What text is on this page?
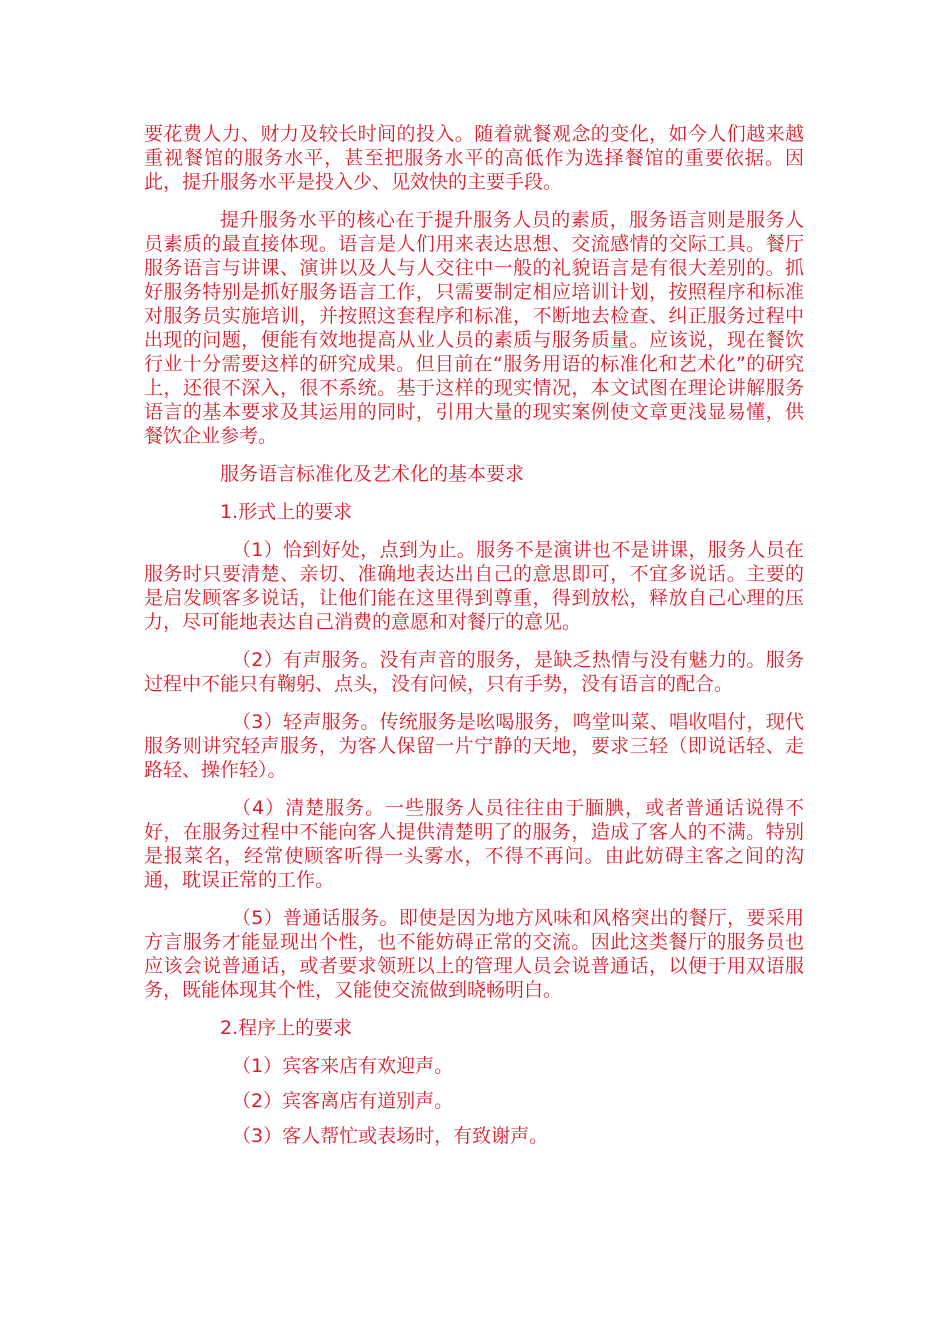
要花费人力、财力及较长时间的投入。随着就餐观念的变化，如今人们越来越重视餐馆的服务水平，甚至把服务水平的高低作为选择餐馆的重要依据。因此，提升服务水平是投入少、见效快的主要手段。

提升服务水平的核心在于提升服务人员的素质，服务语言则是服务人员素质的最直接体现。语言是人们用来表达思想、交流感情的交际工具。餐厅服务语言与讲课、演讲以及人与人交往中一般的礼貌语言是有很大差别的。抓好服务特别是抓好服务语言工作，只需要制定相应培训计划，按照程序和标准对服务员实施培训，并按照这套程序和标准，不断地去检查、纠正服务过程中出现的问题，便能有效地提高从业人员的素质与服务质量。应该说，现在餐饮行业十分需要这样的研究成果。但目前在“服务用语的标准化和艺术化”的研究上，还很不深入，很不系统。基于这样的现实情况，本文试图在理论讲解服务语言的基本要求及其运用的同时，引用大量的现实案例使文章更浅显易懂，供餐饮企业参考。

服务语言标准化及艺术化的基本要求

1.形式上的要求

（1）恰到好处，点到为止。服务不是演讲也不是讲课，服务人员在服务时只要清楚、亲切、准确地表达出自己的意思即可，不宜多说话。主要的是启发顾客多说话，让他们能在这里得到尊重，得到放松，释放自己心理的压力，尽可能地表达自己消费的意愿和对餐厅的意见。

（2）有声服务。没有声音的服务，是缺乏热情与没有魅力的。服务过程中不能只有鞠躬、点头，没有问候，只有手势，没有语言的配合。

（3）轻声服务。传统服务是吆喝服务，鸣堂叫菜、唱收唱付，现代服务则讲究轻声服务，为客人保留一片宁静的天地，要求三轻（即说话轻、走路轻、操作轻）。

（4）清楚服务。一些服务人员往往由于腼腆，或者普通话说得不好，在服务过程中不能向客人提供清楚明了的服务，造成了客人的不满。特别是报菜名，经常使顾客听得一头雾水，不得不再问。由此妨碍主客之间的沟通，耽误正常的工作。

（5）普通话服务。即使是因为地方风味和风格突出的餐厅，要采用方言服务才能显现出个性，也不能妨碍正常的交流。因此这类餐厅的服务员也应该会说普通话，或者要求领班以上的管理人员会说普通话，以便于用双语服务，既能体现其个性，又能使交流做到晓畅明白。

2.程序上的要求

（1）宾客来店有欢迎声。

（2）宾客离店有道别声。

（3）客人帮忙或表场时，有致谢声。
